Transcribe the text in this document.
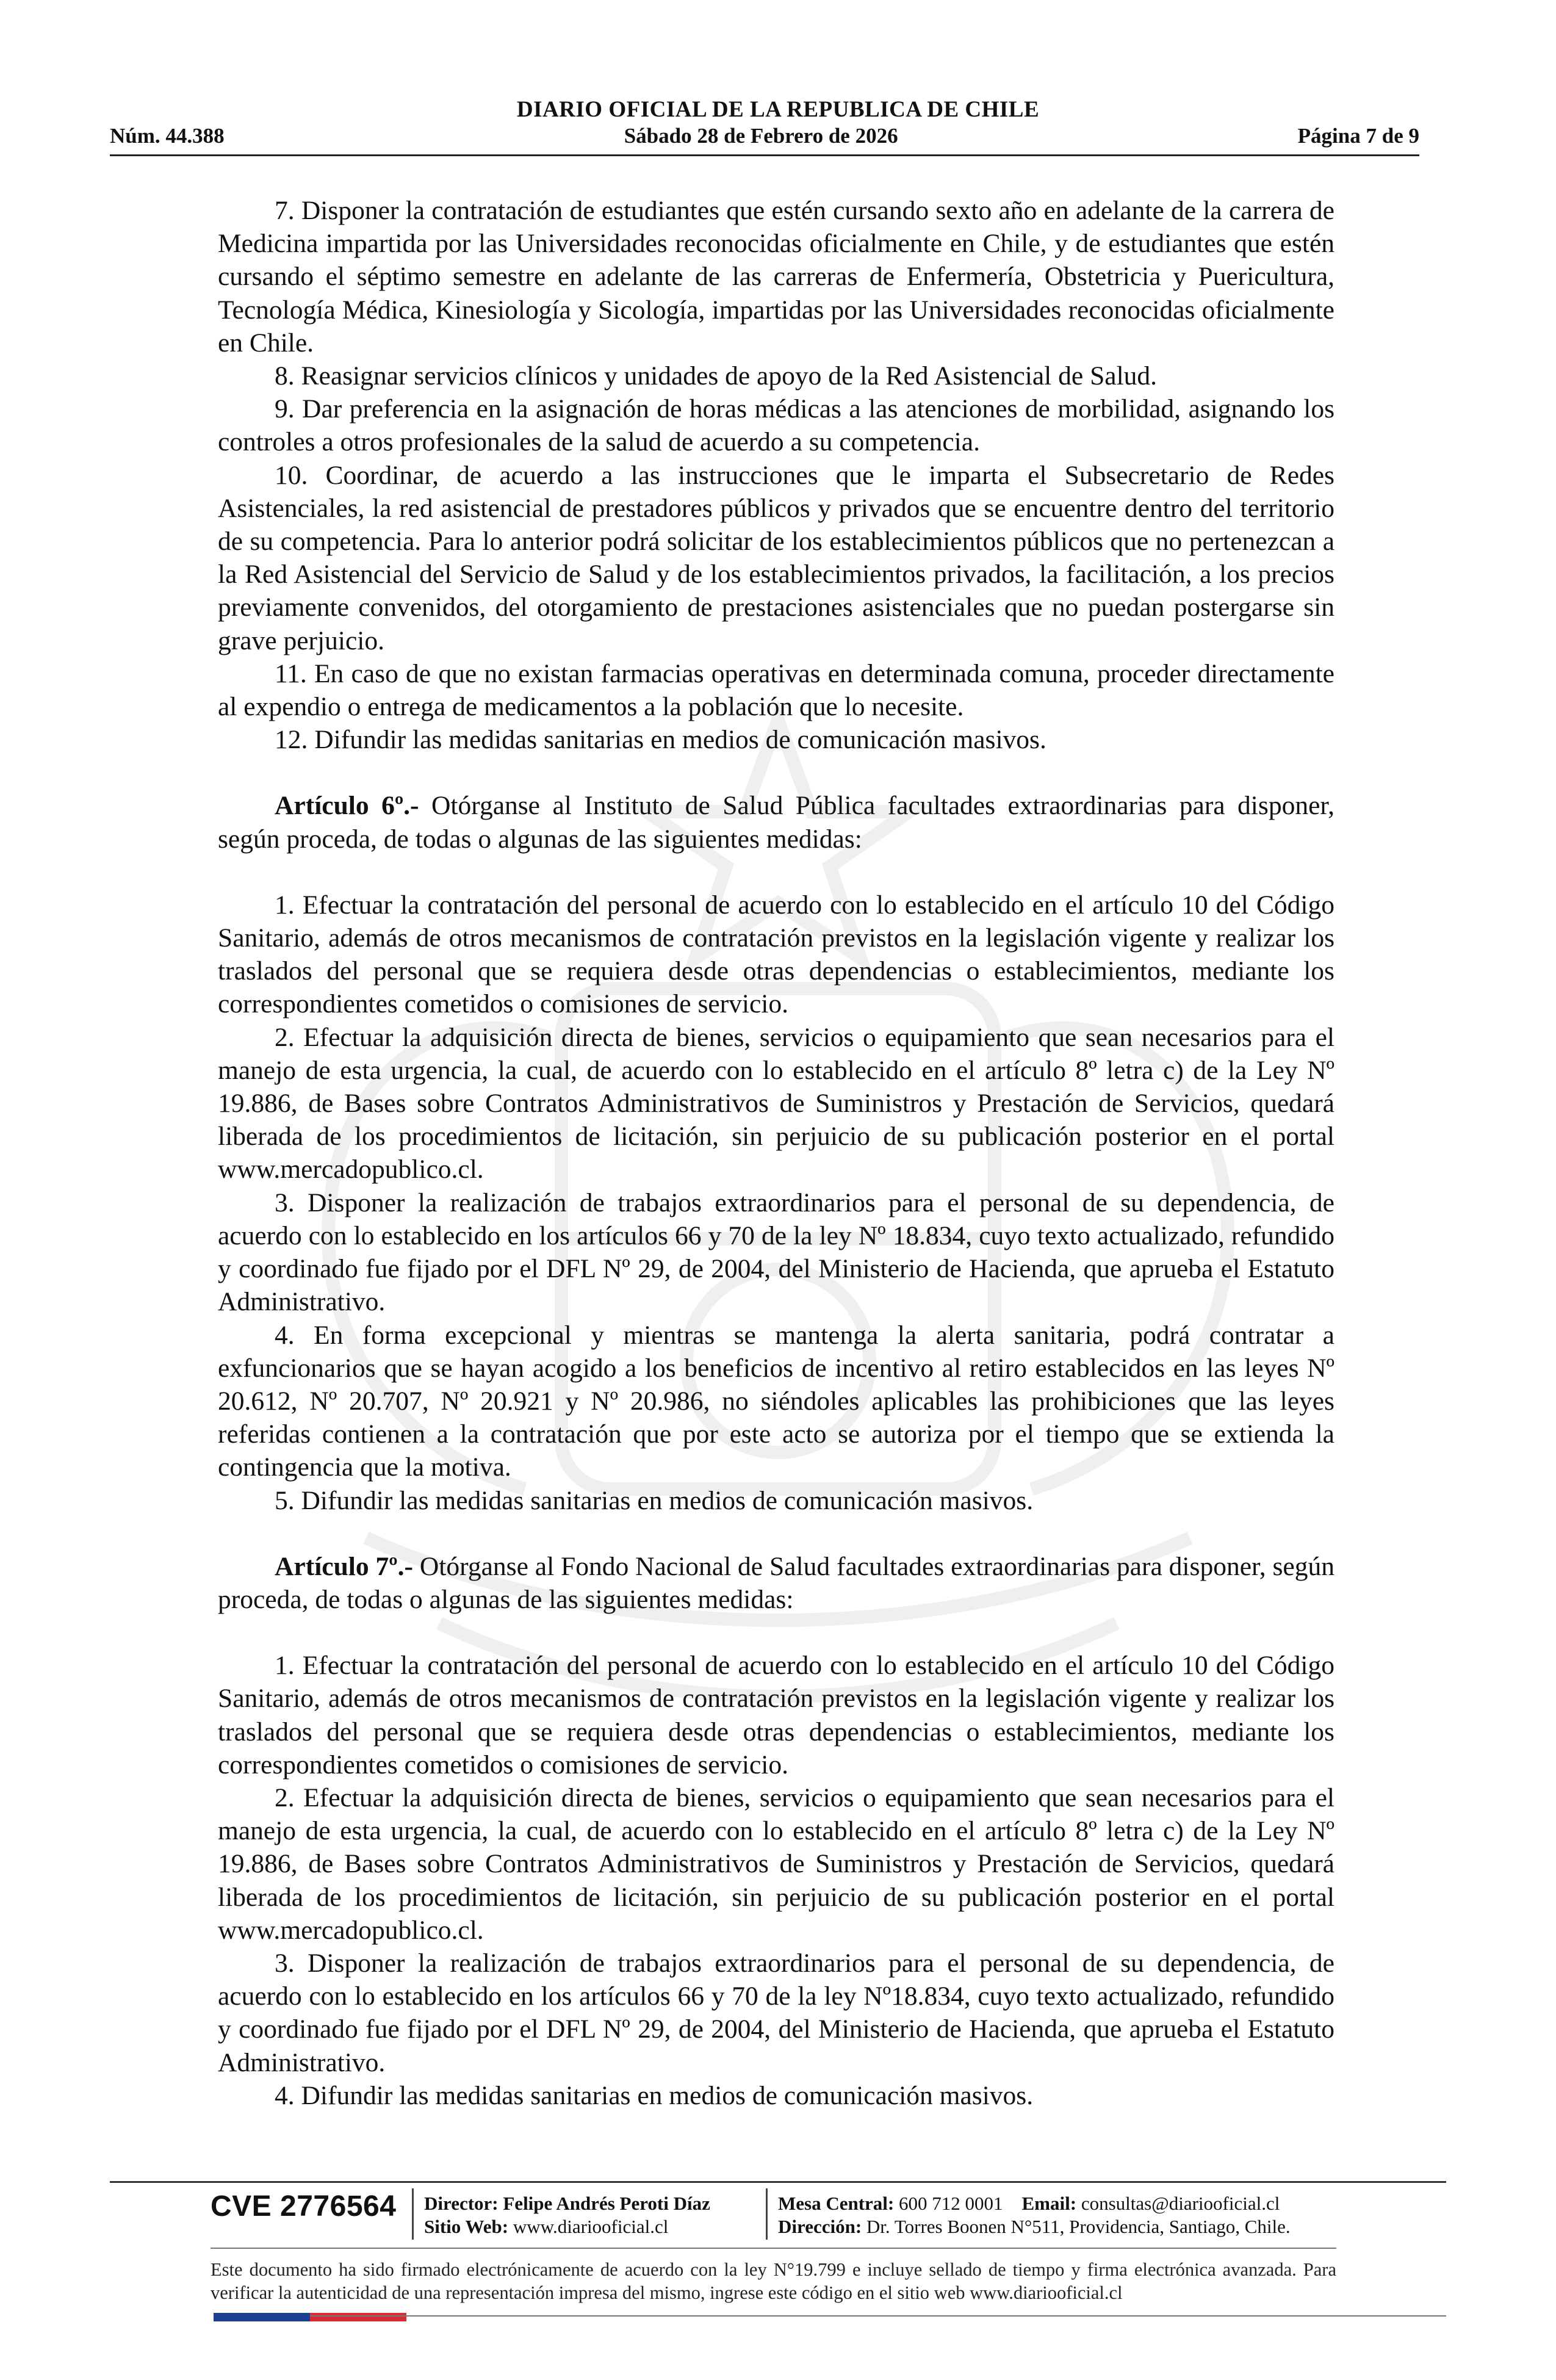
DIARIO OFICIAL DE LA REPUBLICA DE CHILE
Núm. 44.388	Sábado 28 de Febrero de 2026	Página 7 de 9

7. Disponer la contratación de estudiantes que estén cursando sexto año en adelante de la carrera de Medicina impartida por las Universidades reconocidas oficialmente en Chile, y de estudiantes que estén cursando el séptimo semestre en adelante de las carreras de Enfermería, Obstetricia y Puericultura, Tecnología Médica, Kinesiología y Sicología, impartidas por las Universidades reconocidas oficialmente en Chile.

8. Reasignar servicios clínicos y unidades de apoyo de la Red Asistencial de Salud.

9. Dar preferencia en la asignación de horas médicas a las atenciones de morbilidad, asignando los controles a otros profesionales de la salud de acuerdo a su competencia.

10. Coordinar, de acuerdo a las instrucciones que le imparta el Subsecretario de Redes Asistenciales, la red asistencial de prestadores públicos y privados que se encuentre dentro del territorio de su competencia. Para lo anterior podrá solicitar de los establecimientos públicos que no pertenezcan a la Red Asistencial del Servicio de Salud y de los establecimientos privados, la facilitación, a los precios previamente convenidos, del otorgamiento de prestaciones asistenciales que no puedan postergarse sin grave perjuicio.

11. En caso de que no existan farmacias operativas en determinada comuna, proceder directamente al expendio o entrega de medicamentos a la población que lo necesite.

12. Difundir las medidas sanitarias en medios de comunicación masivos.

Artículo 6º.- Otórganse al Instituto de Salud Pública facultades extraordinarias para disponer, según proceda, de todas o algunas de las siguientes medidas:

1. Efectuar la contratación del personal de acuerdo con lo establecido en el artículo 10 del Código Sanitario, además de otros mecanismos de contratación previstos en la legislación vigente y realizar los traslados del personal que se requiera desde otras dependencias o establecimientos, mediante los correspondientes cometidos o comisiones de servicio.

2. Efectuar la adquisición directa de bienes, servicios o equipamiento que sean necesarios para el manejo de esta urgencia, la cual, de acuerdo con lo establecido en el artículo 8º letra c) de la Ley Nº 19.886, de Bases sobre Contratos Administrativos de Suministros y Prestación de Servicios, quedará liberada de los procedimientos de licitación, sin perjuicio de su publicación posterior en el portal www.mercadopublico.cl.

3. Disponer la realización de trabajos extraordinarios para el personal de su dependencia, de acuerdo con lo establecido en los artículos 66 y 70 de la ley Nº 18.834, cuyo texto actualizado, refundido y coordinado fue fijado por el DFL Nº 29, de 2004, del Ministerio de Hacienda, que aprueba el Estatuto Administrativo.

4. En forma excepcional y mientras se mantenga la alerta sanitaria, podrá contratar a exfuncionarios que se hayan acogido a los beneficios de incentivo al retiro establecidos en las leyes Nº 20.612, Nº 20.707, Nº 20.921 y Nº 20.986, no siéndoles aplicables las prohibiciones que las leyes referidas contienen a la contratación que por este acto se autoriza por el tiempo que se extienda la contingencia que la motiva.

5. Difundir las medidas sanitarias en medios de comunicación masivos.

Artículo 7º.- Otórganse al Fondo Nacional de Salud facultades extraordinarias para disponer, según proceda, de todas o algunas de las siguientes medidas:

1. Efectuar la contratación del personal de acuerdo con lo establecido en el artículo 10 del Código Sanitario, además de otros mecanismos de contratación previstos en la legislación vigente y realizar los traslados del personal que se requiera desde otras dependencias o establecimientos, mediante los correspondientes cometidos o comisiones de servicio.

2. Efectuar la adquisición directa de bienes, servicios o equipamiento que sean necesarios para el manejo de esta urgencia, la cual, de acuerdo con lo establecido en el artículo 8º letra c) de la Ley Nº 19.886, de Bases sobre Contratos Administrativos de Suministros y Prestación de Servicios, quedará liberada de los procedimientos de licitación, sin perjuicio de su publicación posterior en el portal www.mercadopublico.cl.

3. Disponer la realización de trabajos extraordinarios para el personal de su dependencia, de acuerdo con lo establecido en los artículos 66 y 70 de la ley Nº18.834, cuyo texto actualizado, refundido y coordinado fue fijado por el DFL Nº 29, de 2004, del Ministerio de Hacienda, que aprueba el Estatuto Administrativo.

4. Difundir las medidas sanitarias en medios de comunicación masivos.

CVE 2776564 Director: Felipe Andrés Peroti Díaz
Sitio Web: www.diariooficial.cl
Mesa Central: 600 712 0001 Email: consultas@diariooficial.cl
Dirección: Dr. Torres Boonen N°511, Providencia, Santiago, Chile.
Este documento ha sido firmado electrónicamente de acuerdo con la ley N°19.799 e incluye sellado de tiempo y firma electrónica avanzada. Para verificar la autenticidad de una representación impresa del mismo, ingrese este código en el sitio web www.diariooficial.cl
